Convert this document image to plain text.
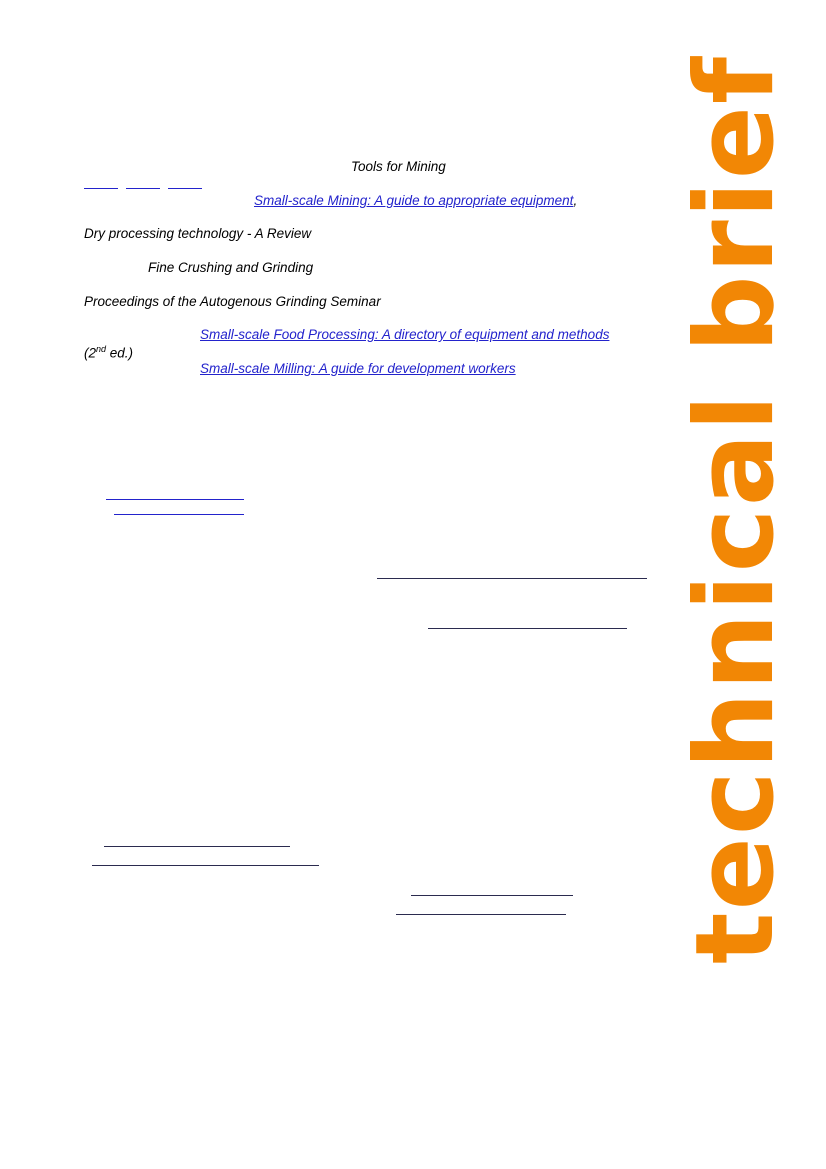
Tools for Mining
Small-scale Mining: A guide to appropriate equipment,
Dry processing technology - A Review
Fine Crushing and Grinding
Proceedings of the Autogenous Grinding Seminar
Small-scale Food Processing: A directory of equipment and methods
(2nd ed.)
Small-scale Milling: A guide for development workers technical brief
